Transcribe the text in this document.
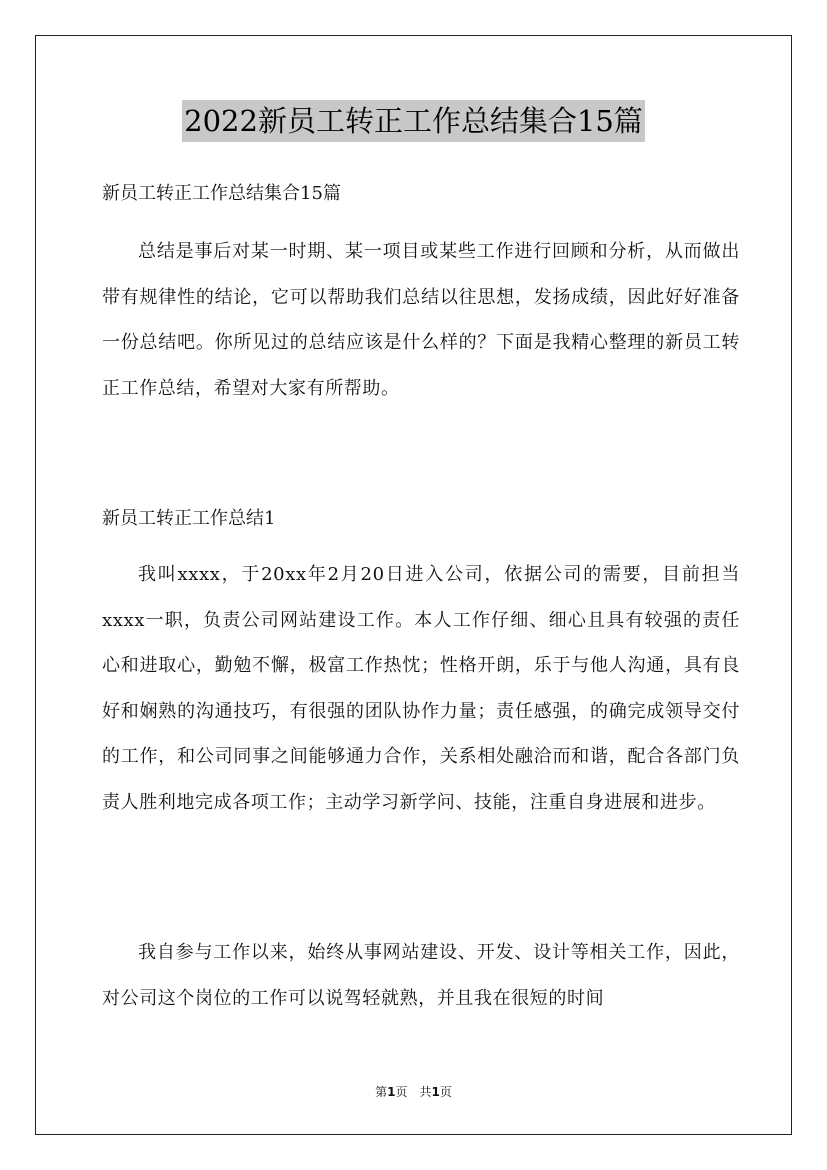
2022新员工转正工作总结集合15篇
新员工转正工作总结集合15篇

总结是事后对某一时期、某一项目或某些工作进行回顾和分析，从而做出带有规律性的结论，它可以帮助我们总结以往思想，发扬成绩，因此好好准备一份总结吧。你所见过的总结应该是什么样的？下面是我精心整理的新员工转正工作总结，希望对大家有所帮助。

新员工转正工作总结1

我叫xxxx，于20xx年2月20日进入公司，依据公司的需要，目前担当xxxx一职，负责公司网站建设工作。本人工作仔细、细心且具有较强的责任心和进取心，勤勉不懈，极富工作热忱；性格开朗，乐于与他人沟通，具有良好和娴熟的沟通技巧，有很强的团队协作力量；责任感强，的确完成领导交付的工作，和公司同事之间能够通力合作，关系相处融洽而和谐，配合各部门负责人胜利地完成各项工作；主动学习新学问、技能，注重自身进展和进步。

我自参与工作以来，始终从事网站建设、开发、设计等相关工作，因此，对公司这个岗位的工作可以说驾轻就熟，并且我在很短的时间

第1页　共1页
